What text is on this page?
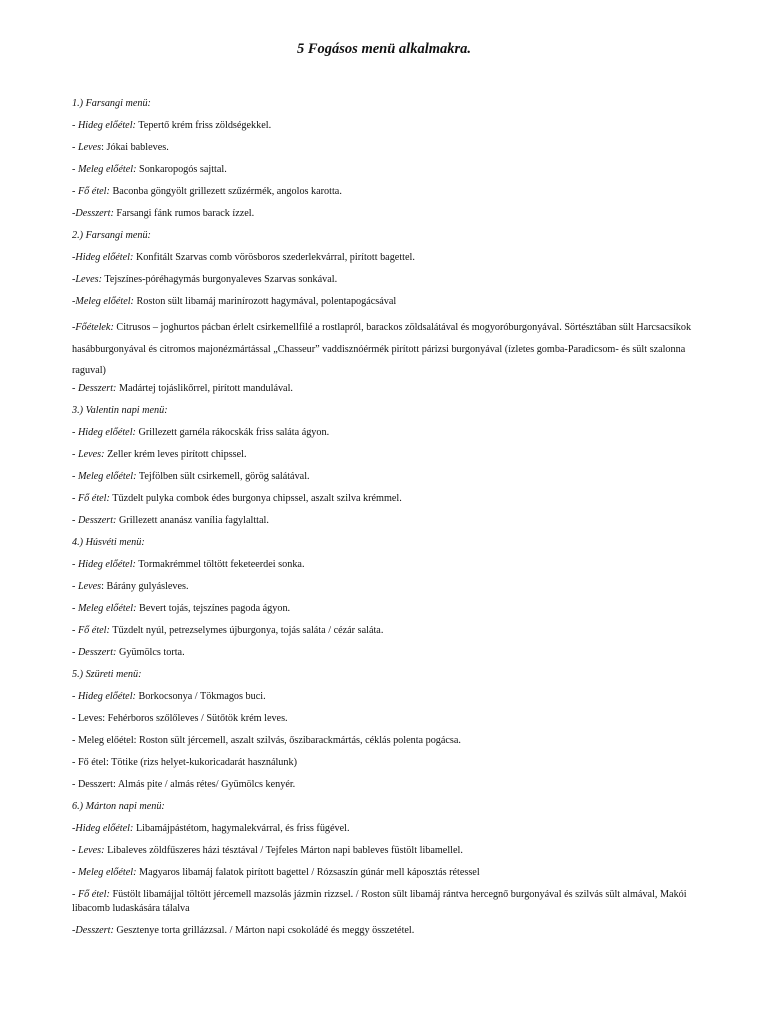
5 Fogásos menü alkalmakra.
1.) Farsangi menü:
- Hideg előétel: Tepertő krém friss zöldségekkel.
- Leves: Jókai bableves.
- Meleg előétel: Sonkaropogós sajttal.
- Fő étel: Baconba göngyölt grillezett szűzérmék, angolos karotta.
-Desszert: Farsangi fánk rumos barack ízzel.
2.) Farsangi menü:
-Hideg előétel: Konfitált Szarvas comb vörösboros szederlekvárral, pirított bagettel.
-Leves: Tejszínes-póréhagymás burgonyaleves Szarvas sonkával.
-Meleg előétel: Roston sült libamáj marinírozott hagymával, polentapogácsával
-Főételek: Citrusos – joghurtos pácban érlelt csirkemellfilé a rostlapról, barackos zöldsalátával és mogyoróburgonyával. Sörtésztában sült Harcsacsíkok hasábburgonyával és citromos majonézmártással „Chasseur” vaddisznóérmék pirított párizsi burgonyával (ízletes gomba-Paradicsom- és sült szalonna raguval)
- Desszert: Madártej tojáslikőrrel, pirított mandulával.
3.) Valentin napi menü:
- Hideg előétel: Grillezett garnéla rákocskák friss saláta ágyon.
- Leves: Zeller krém leves pirított chipssel.
- Meleg előétel: Tejfölben sült csirkemell, görög salátával.
- Fő étel: Tűzdelt pulyka combok édes burgonya chipssel, aszalt szilva krémmel.
- Desszert: Grillezett ananász vanília fagylalttal.
4.) Húsvéti menü:
- Hideg előétel: Tormakrémmel töltött feketeerdei sonka.
- Leves: Bárány gulyásleves.
- Meleg előétel: Bevert tojás, tejszínes pagoda ágyon.
- Fő étel: Tűzdelt nyúl, petrezselymes újburgonya, tojás saláta / cézár saláta.
- Desszert: Gyümölcs torta.
5.) Szüreti menü:
- Hideg előétel: Borkocsonya / Tökmagos buci.
- Leves: Fehérboros szőlőleves / Sütőtök krém leves.
- Meleg előétel: Roston sült jércemell, aszalt szilvás, őszibarackmártás, céklás polenta pogácsa.
- Fő étel: Tötike (rizs helyet-kukoricadarát használunk)
- Desszert: Almás pite / almás rétes/ Gyümölcs kenyér.
6.) Márton napi menü:
-Hideg előétel: Libamájpástétom, hagymalekvárral, és friss fügével.
- Leves: Libaleves zöldfűszeres házi tésztával / Tejfeles Márton napi bableves füstölt libamellel.
- Meleg előétel: Magyaros libamáj falatok pirított bagettel / Rózsaszín gúnár mell káposztás rétessel
- Fő étel: Füstölt libamájjal töltött jércemell mazsolás jázmin rizzsel. / Roston sült libamáj rántva hercegnő burgonyával és szilvás sült almával, Makói libacomb ludaskására tálalva
-Desszert: Gesztenye torta grillázzsal. / Márton napi csokoládé és meggy összetétel.
